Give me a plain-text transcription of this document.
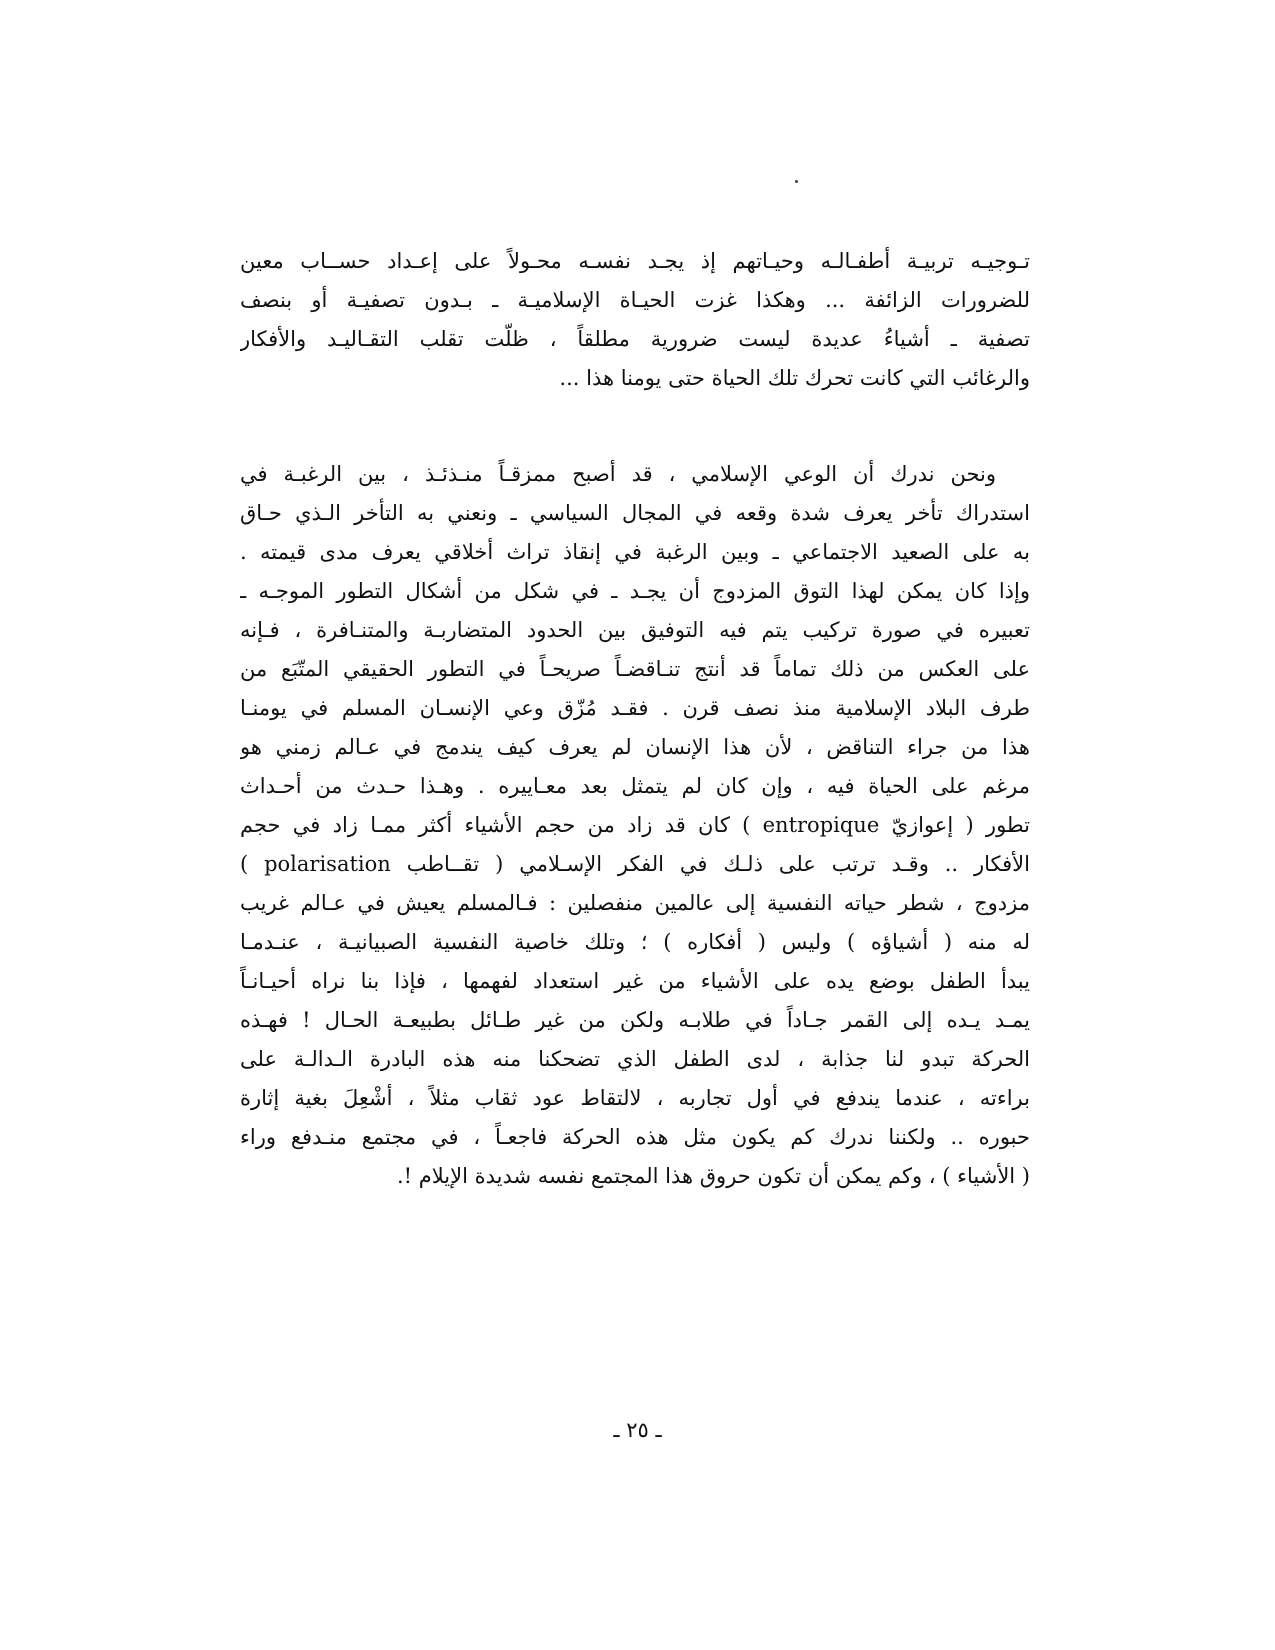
تـوجيـه تربيـة أطفـالـه وحيـاتهم إذ يجـد نفسـه محـولاً على إعـداد حســاب معين
للضرورات الزائفة ... وهكذا غزت الحيـاة الإسلاميـة ـ بـدون تصفيـة أو بنصف
تصفية ـ أشياءُ عديدة ليست ضرورية مطلقاً ، ظلّت تقلب التقـاليـد والأفكار
والرغائب التي كانت تحرك تلك الحياة حتى يومنا هذا ...
ونحن ندرك أن الوعي الإسلامي ، قد أصبح ممزقـاً منـذئـذ ، بين الرغبـة في
استدراك تأخر يعرف شدة وقعه في المجال السياسي ـ ونعني به التأخر الـذي حـاق
به على الصعيد الاجتماعي ـ وبين الرغبة في إنقاذ تراث أخلاقي يعرف مدى قيمته .
وإذا كان يمكن لهذا التوق المزدوج أن يجـد ـ في شكل من أشكال التطور الموجـه ـ
تعبيره في صورة تركيب يتم فيه التوفيق بين الحدود المتضاربـة والمتنـافرة ، فـإنه
على العكس من ذلك تماماً قد أنتج تنـاقضـاً صريحـاً في التطور الحقيقي المتّبَع من
طرف البلاد الإسلامية منذ نصف قرن . فقـد مُزّق وعي الإنسـان المسلم في يومنـا
هذا من جراء التناقض ، لأن هذا الإنسان لم يعرف كيف يندمج في عـالم زمني هو
مرغم على الحياة فيه ، وإن كان لم يتمثل بعد معـاييره . وهـذا حـدث من أحـداث
تطور ( إعوازيّ entropique ) كان قد زاد من حجم الأشياء أكثر ممـا زاد في حجم
الأفكار .. وقـد ترتب على ذلـك في الفكر الإسـلامي ( تقــاطب polarisation )
مزدوج ، شطر حياته النفسية إلى عالمين منفصلين : فـالمسلم يعيش في عـالم غريب
له منه ( أشياؤه ) وليس ( أفكاره ) ؛ وتلك خاصية النفسية الصبيانيـة ، عنـدمـا
يبدأ الطفل بوضع يده على الأشياء من غير استعداد لفهمها ، فإذا بنا نراه أحيـانـاً
يمـد يـده إلى القمر جـاداً في طلابـه ولكن من غير طـائل بطبيعـة الحـال ! فهـذه
الحركة تبدو لنا جذابة ، لدى الطفل الذي تضحكنا منه هذه البادرة الـدالـة على
براءته ، عندما يندفع في أول تجاربه ، لالتقاط عود ثقاب مثلاً ، أشْعِلَ بغية إثارة
حبوره .. ولكننا ندرك كم يكون مثل هذه الحركة فاجعـاً ، في مجتمع منـدفع وراء
( الأشياء ) ، وكم يمكن أن تكون حروق هذا المجتمع نفسه شديدة الإيلام !.
ـ ٢٥ ـ
